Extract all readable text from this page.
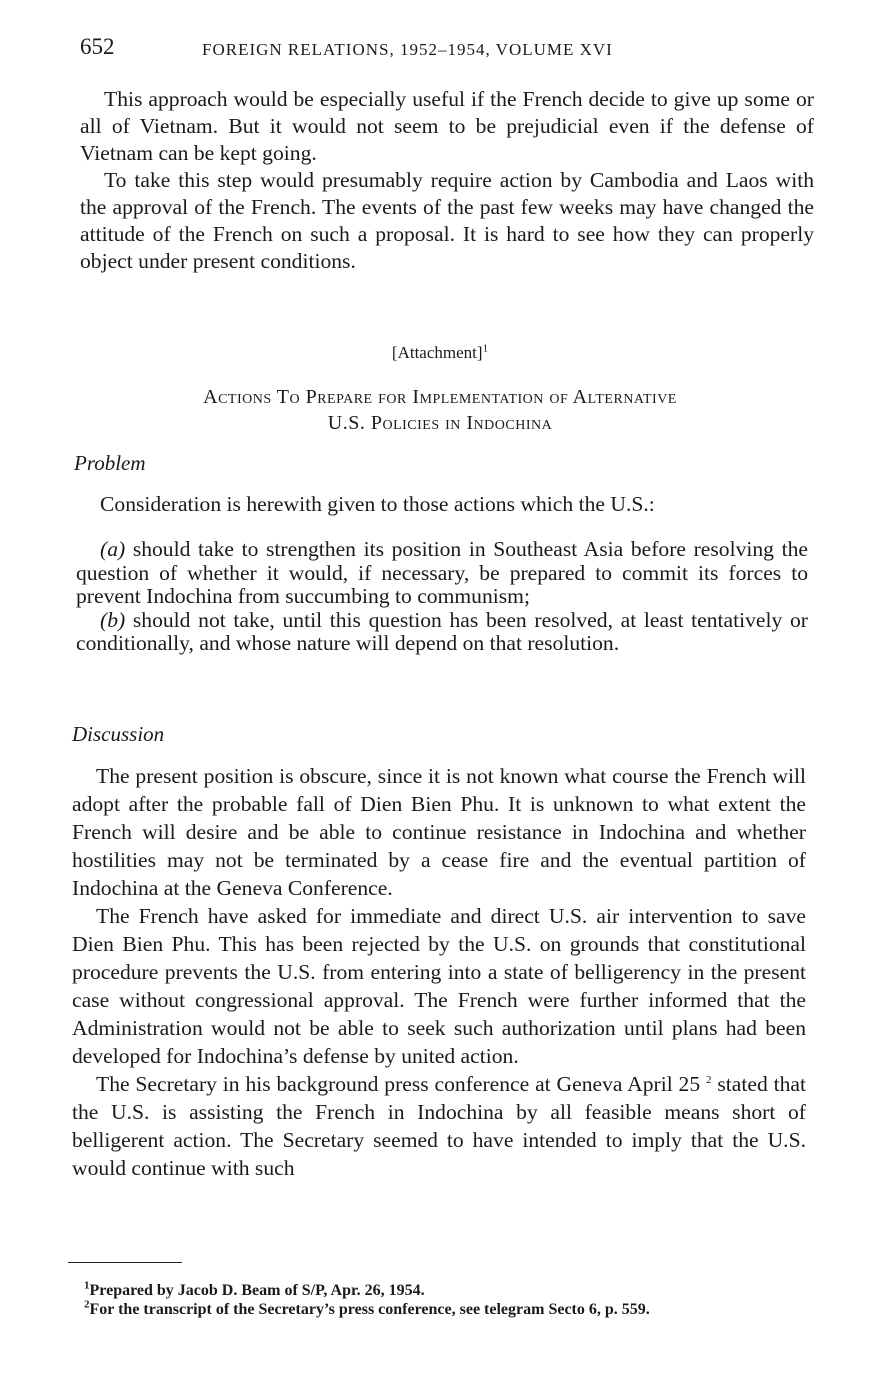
652	FOREIGN RELATIONS, 1952–1954, VOLUME XVI

This approach would be especially useful if the French decide to give up some or all of Vietnam. But it would not seem to be prejudicial even if the defense of Vietnam can be kept going.

To take this step would presumably require action by Cambodia and Laos with the approval of the French. The events of the past few weeks may have changed the attitude of the French on such a proposal. It is hard to see how they can properly object under present conditions.

[Attachment]$^1$
Actions To Prepare for Implementation of Alternative
U.S. Policies in Indochina
Problem

Consideration is herewith given to those actions which the U.S.:

(a) should take to strengthen its position in Southeast Asia before resolving the question of whether it would, if necessary, be prepared to commit its forces to prevent Indochina from succumbing to communism;

(b) should not take, until this question has been resolved, at least tentatively or conditionally, and whose nature will depend on that resolution.

Discussion

The present position is obscure, since it is not known what course the French will adopt after the probable fall of Dien Bien Phu. It is unknown to what extent the French will desire and be able to continue resistance in Indochina and whether hostilities may not be terminated by a cease fire and the eventual partition of Indochina at the Geneva Conference.

The French have asked for immediate and direct U.S. air intervention to save Dien Bien Phu. This has been rejected by the U.S. on grounds that constitutional procedure prevents the U.S. from entering into a state of belligerency in the present case without congressional approval. The French were further informed that the Administration would not be able to seek such authorization until plans had been developed for Indochina’s defense by united action.

The Secretary in his background press conference at Geneva April 25 $^2$ stated that the U.S. is assisting the French in Indochina by all feasible means short of belligerent action. The Secretary seemed to have intended to imply that the U.S. would continue with such

$^1$Prepared by Jacob D. Beam of S/P, Apr. 26, 1954.

$^2$For the transcript of the Secretary’s press conference, see telegram Secto 6, p. 559.
